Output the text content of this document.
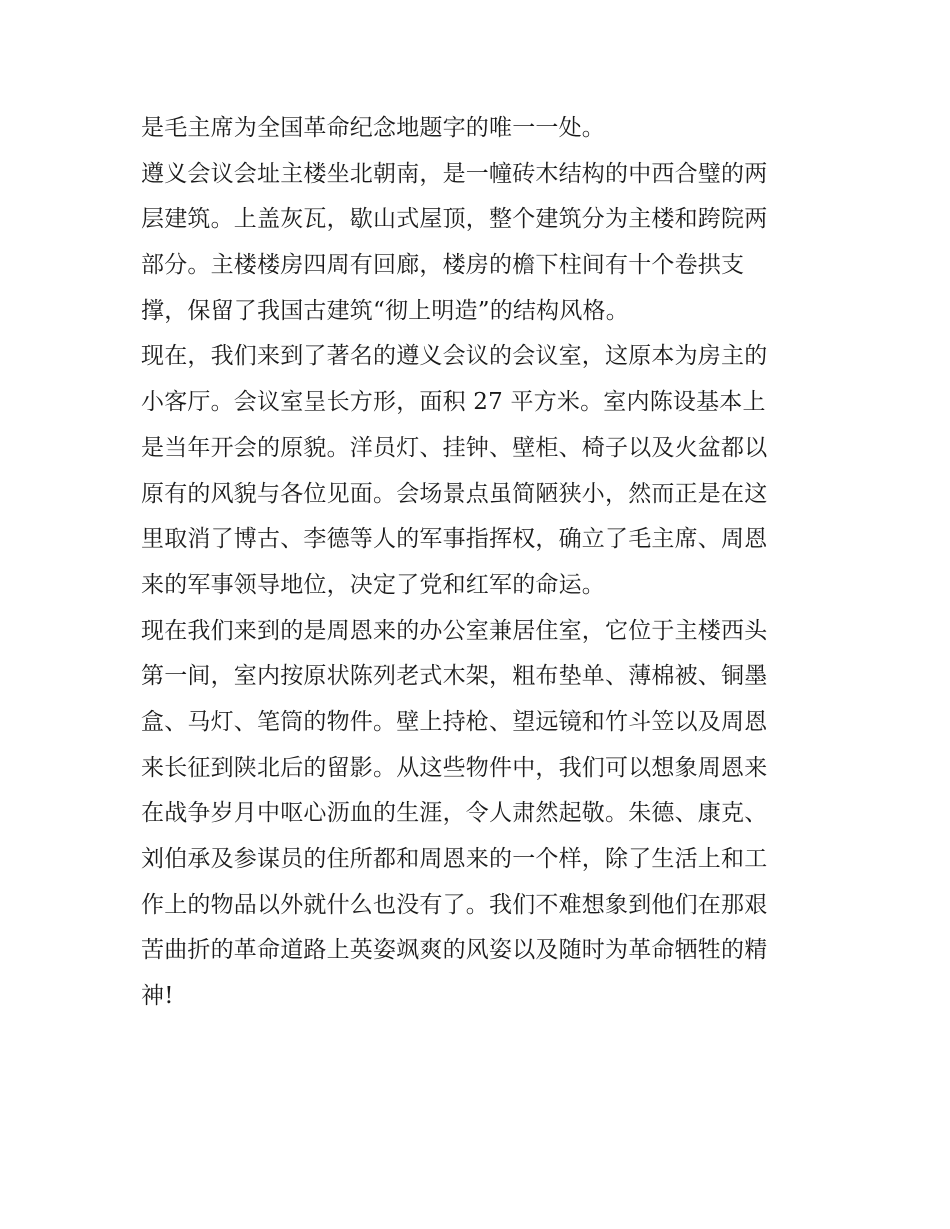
是毛主席为全国革命纪念地题字的唯一一处。
遵义会议会址主楼坐北朝南，是一幢砖木结构的中西合璧的两
层建筑。上盖灰瓦，歇山式屋顶，整个建筑分为主楼和跨院两
部分。主楼楼房四周有回廊，楼房的檐下柱间有十个卷拱支
撑，保留了我国古建筑“彻上明造”的结构风格。
现在，我们来到了著名的遵义会议的会议室，这原本为房主的
小客厅。会议室呈长方形，面积 27 平方米。室内陈设基本上
是当年开会的原貌。洋员灯、挂钟、壁柜、椅子以及火盆都以
原有的风貌与各位见面。会场景点虽简陋狭小，然而正是在这
里取消了博古、李德等人的军事指挥权，确立了毛主席、周恩
来的军事领导地位，决定了党和红军的命运。
现在我们来到的是周恩来的办公室兼居住室，它位于主楼西头
第一间，室内按原状陈列老式木架，粗布垫单、薄棉被、铜墨
盒、马灯、笔筒的物件。壁上持枪、望远镜和竹斗笠以及周恩
来长征到陕北后的留影。从这些物件中，我们可以想象周恩来
在战争岁月中呕心沥血的生涯，令人肃然起敬。朱德、康克、
刘伯承及参谋员的住所都和周恩来的一个样，除了生活上和工
作上的物品以外就什么也没有了。我们不难想象到他们在那艰
苦曲折的革命道路上英姿飒爽的风姿以及随时为革命牺牲的精
神!
